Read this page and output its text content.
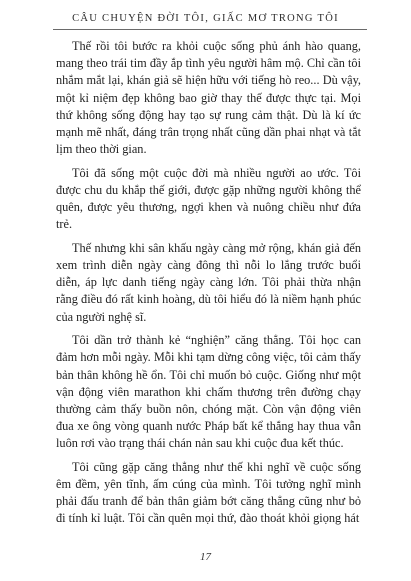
CÂU CHUYỆN ĐỜI TÔI, GIẤC MƠ TRONG TÔI

Thế rồi tôi bước ra khỏi cuộc sống phủ ánh hào quang, mang theo trái tim đầy ắp tình yêu người hâm mộ. Chỉ cần tôi nhắm mắt lại, khán giả sẽ hiện hữu với tiếng hò reo... Dù vậy, một kỉ niệm đẹp không bao giờ thay thế được thực tại. Mọi thứ không sống động hay tạo sự rung cảm thật. Dù là kí ức mạnh mẽ nhất, đáng trân trọng nhất cũng dần phai nhạt và tắt lịm theo thời gian.

Tôi đã sống một cuộc đời mà nhiều người ao ước. Tôi được chu du khắp thế giới, được gặp những người không thể quên, được yêu thương, ngợi khen và nuông chiều như đứa trẻ.

Thế nhưng khi sân khấu ngày càng mở rộng, khán giả đến xem trình diễn ngày càng đông thì nỗi lo lắng trước buổi diễn, áp lực danh tiếng ngày càng lớn. Tôi phải thừa nhận rằng điều đó rất kinh hoàng, dù tôi hiểu đó là niềm hạnh phúc của người nghệ sĩ.

Tôi dần trở thành kẻ “nghiện” căng thẳng. Tôi học can đảm hơn mỗi ngày. Mỗi khi tạm dừng công việc, tôi cảm thấy bản thân không hề ổn. Tôi chỉ muốn bỏ cuộc. Giống như một vận động viên marathon khi chấm thương trên đường chạy thường cảm thấy buồn nôn, chóng mặt. Còn vận động viên đua xe ông vòng quanh nước Pháp bất kể thắng hay thua vẫn luôn rơi vào trạng thái chán nản sau khi cuộc đua kết thúc.

Tôi cũng gặp căng thẳng như thế khi nghĩ về cuộc sống êm đềm, yên tĩnh, ấm cúng của mình. Tôi tưởng nghĩ mình phải đấu tranh để bản thân giảm bớt căng thẳng cũng như bỏ đi tính kỉ luật. Tôi cần quên mọi thứ, đào thoát khỏi giọng hát

17
